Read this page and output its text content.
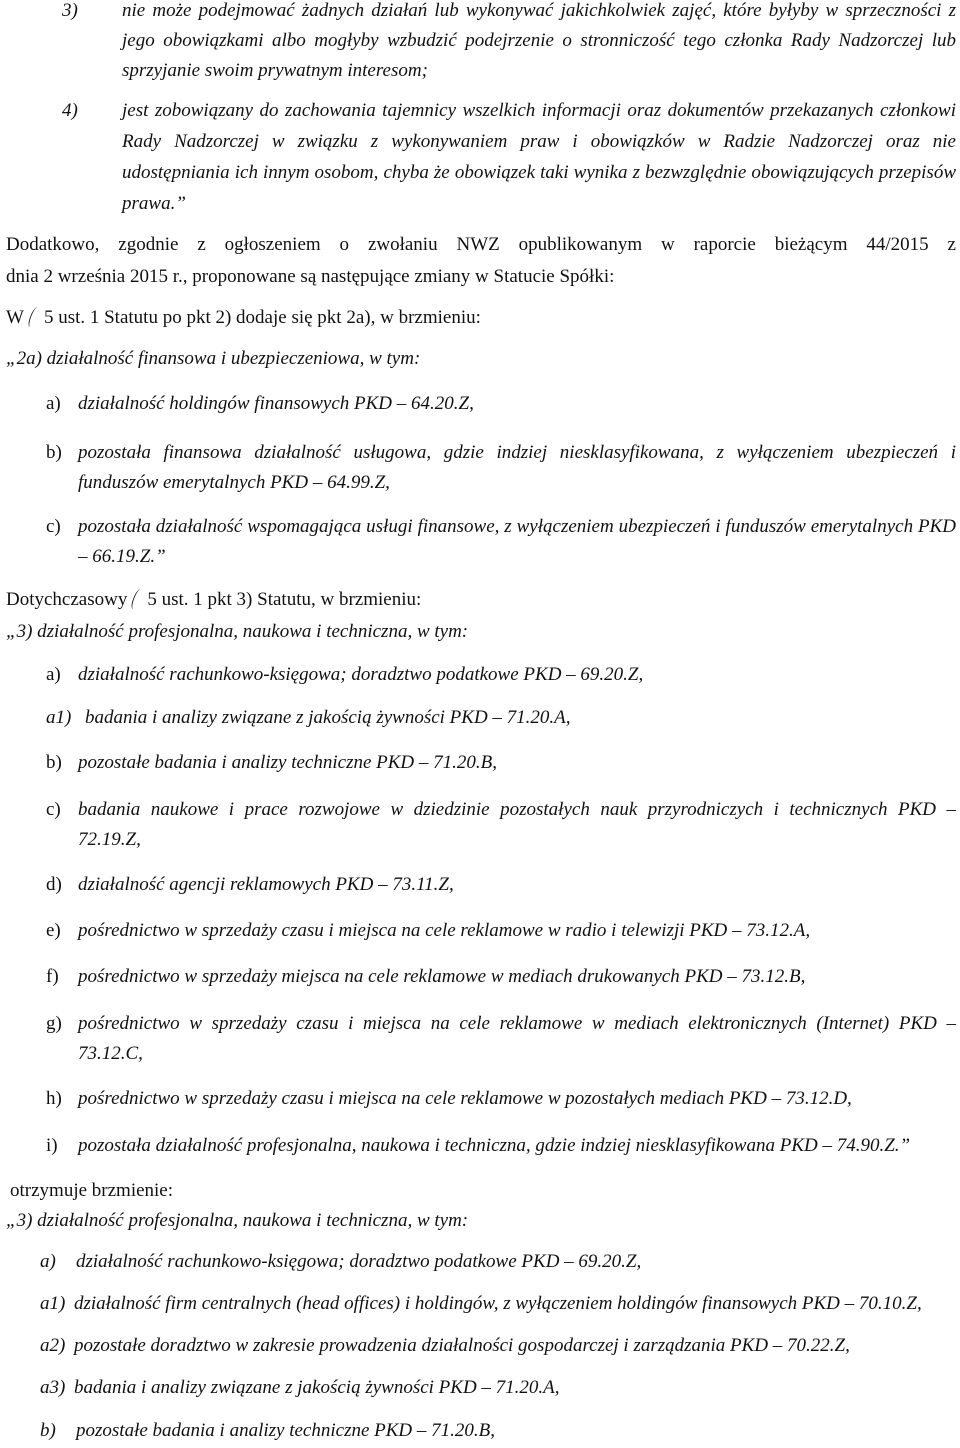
3) nie może podejmować żadnych działań lub wykonywać jakichkolwiek zajęć, które byłyby w sprzeczności z
jego obowiązkami albo mogłyby wzbudzić podejrzenie o stronniczość tego członka Rady Nadzorczej lub
sprzyjanie swoim prywatnym interesom;
4) jest zobowiązany do zachowania tajemnicy wszelkich informacji oraz dokumentów przekazanych członkowi
Rady Nadzorczej w związku z wykonywaniem praw i obowiązków w Radzie Nadzorczej oraz nie
udostępniania ich innym osobom, chyba że obowiązek taki wynika z bezwzględnie obowiązujących przepisów
prawa.”
Dodatkowo, zgodnie z ogłoszeniem o zwołaniu NWZ opublikowanym w raporcie bieżącym 44/2015 z
dnia 2 września 2015 r., proponowane są następujące zmiany w Statucie Spółki:
W 5 ust. 1 Statutu po pkt 2) dodaje się pkt 2a), w brzmieniu:
„2a) działalność finansowa i ubezpieczeniowa, w tym:
a) działalność holdingów finansowych PKD – 64.20.Z,
b) pozostała finansowa działalność usługowa, gdzie indziej niesklasyfikowana, z wyłączeniem ubezpieczeń i
funduszów emerytalnych PKD – 64.99.Z,
c) pozostała działalność wspomagająca usługi finansowe, z wyłączeniem ubezpieczeń i funduszów emerytalnych PKD
– 66.19.Z.”
Dotychczasowy 5 ust. 1 pkt 3) Statutu, w brzmieniu:
„3) działalność profesjonalna, naukowa i techniczna, w tym:
a) działalność rachunkowo-księgowa; doradztwo podatkowe PKD – 69.20.Z,
a1) badania i analizy związane z jakością żywności PKD – 71.20.A,
b) pozostałe badania i analizy techniczne PKD – 71.20.B,
c) badania naukowe i prace rozwojowe w dziedzinie pozostałych nauk przyrodniczych i technicznych PKD –
72.19.Z,
d) działalność agencji reklamowych PKD – 73.11.Z,
e) pośrednictwo w sprzedaży czasu i miejsca na cele reklamowe w radio i telewizji PKD – 73.12.A,
f) pośrednictwo w sprzedaży miejsca na cele reklamowe w mediach drukowanych PKD – 73.12.B,
g) pośrednictwo w sprzedaży czasu i miejsca na cele reklamowe w mediach elektronicznych (Internet) PKD –
73.12.C,
h) pośrednictwo w sprzedaży czasu i miejsca na cele reklamowe w pozostałych mediach PKD – 73.12.D,
i) pozostała działalność profesjonalna, naukowa i techniczna, gdzie indziej niesklasyfikowana PKD – 74.90.Z.”
otrzymuje brzmienie:
„3) działalność profesjonalna, naukowa i techniczna, w tym:
a) działalność rachunkowo-księgowa; doradztwo podatkowe PKD – 69.20.Z,
a1) działalność firm centralnych (head offices) i holdingów, z wyłączeniem holdingów finansowych PKD – 70.10.Z,
a2) pozostałe doradztwo w zakresie prowadzenia działalności gospodarczej i zarządzania PKD – 70.22.Z,
a3) badania i analizy związane z jakością żywności PKD – 71.20.A,
b) pozostałe badania i analizy techniczne PKD – 71.20.B,
